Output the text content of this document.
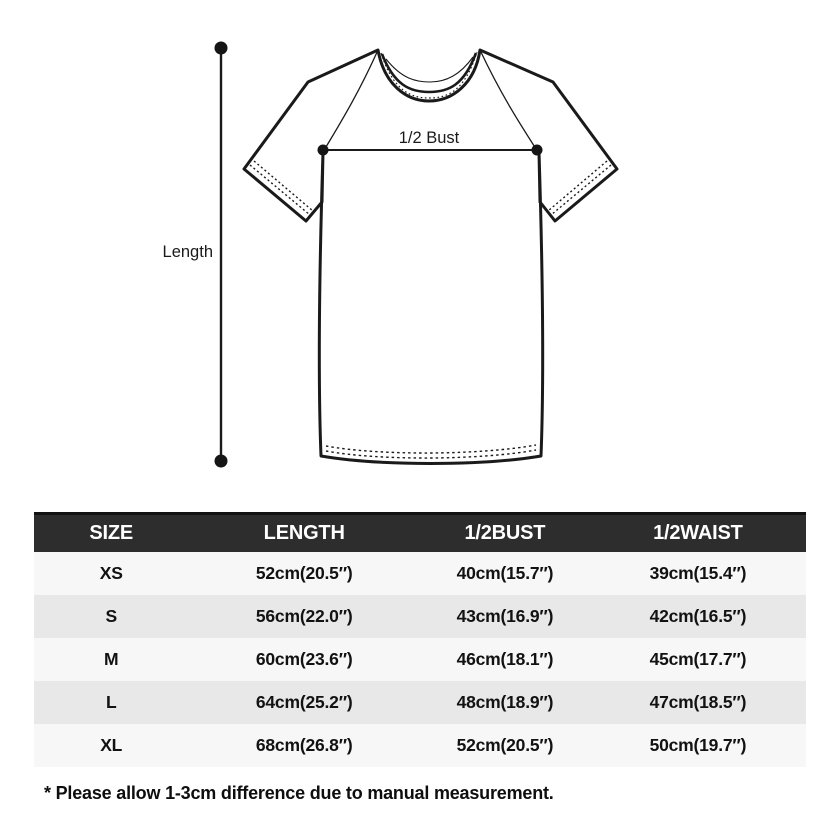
Length
1/2 Bust
SIZE	LENGTH	1/2BUST	1/2WAIST
XS	52cm(20.5″)	40cm(15.7″)	39cm(15.4″)
S	56cm(22.0″)	43cm(16.9″)	42cm(16.5″)
M	60cm(23.6″)	46cm(18.1″)	45cm(17.7″)
L	64cm(25.2″)	48cm(18.9″)	47cm(18.5″)
XL	68cm(26.8″)	52cm(20.5″)	50cm(19.7″)
* Please allow 1-3cm difference due to manual measurement.
